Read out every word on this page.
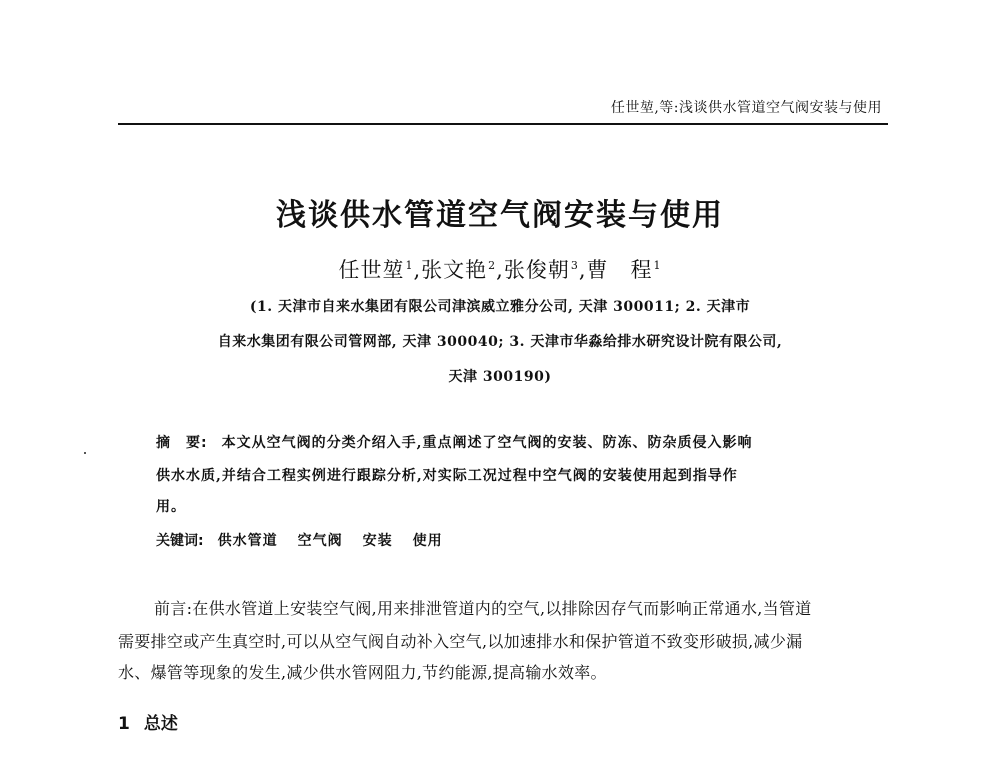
任世堃,等:浅谈供水管道空气阀安装与使用
浅谈供水管道空气阀安装与使用
任世堃$^1$,张文艳$^2$,张俊朝$^3$,曹　程$^1$
(1. 天津市自来水集团有限公司津滨威立雅分公司, 天津 300011; 2. 天津市
自来水集团有限公司管网部, 天津 300040; 3. 天津市华淼给排水研究设计院有限公司,
天津 300190)
摘　要: 本文从空气阀的分类介绍入手,重点阐述了空气阀的安装、防冻、防杂质侵入影响
供水水质,并结合工程实例进行跟踪分析,对实际工况过程中空气阀的安装使用起到指导作
用。
关键词: 供水管道 空气阀 安装 使用
前言:在供水管道上安装空气阀,用来排泄管道内的空气,以排除因存气而影响正常通水,当管道
需要排空或产生真空时,可以从空气阀自动补入空气,以加速排水和保护管道不致变形破损,减少漏
水、爆管等现象的发生,减少供水管网阻力,节约能源,提高输水效率。
1 总述
